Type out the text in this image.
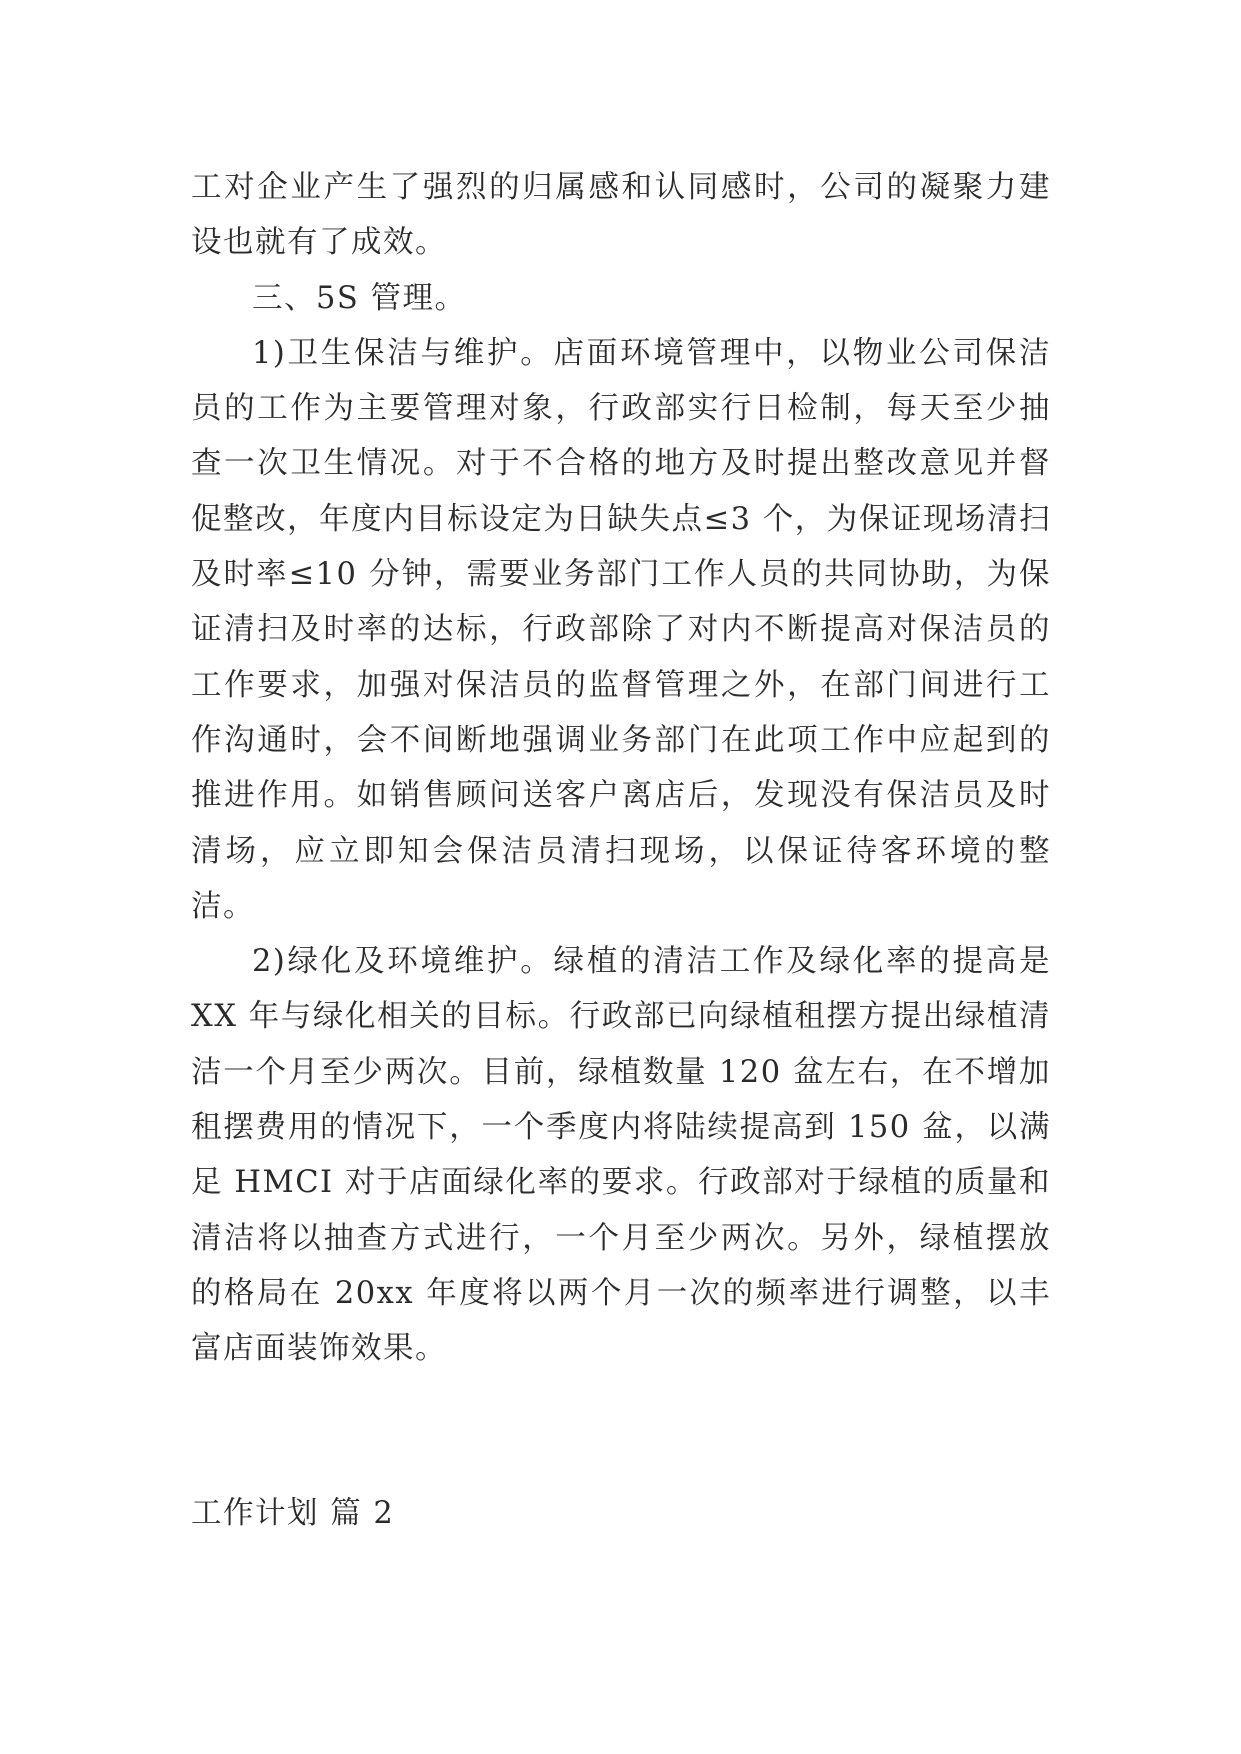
工对企业产生了强烈的归属感和认同感时，公司的凝聚力建设也就有了成效。

三、5S 管理。

1)卫生保洁与维护。店面环境管理中，以物业公司保洁员的工作为主要管理对象，行政部实行日检制，每天至少抽查一次卫生情况。对于不合格的地方及时提出整改意见并督促整改，年度内目标设定为日缺失点≤3 个，为保证现场清扫及时率≤10 分钟，需要业务部门工作人员的共同协助，为保证清扫及时率的达标，行政部除了对内不断提高对保洁员的工作要求，加强对保洁员的监督管理之外，在部门间进行工作沟通时，会不间断地强调业务部门在此项工作中应起到的推进作用。如销售顾问送客户离店后，发现没有保洁员及时清场，应立即知会保洁员清扫现场，以保证待客环境的整洁。

2)绿化及环境维护。绿植的清洁工作及绿化率的提高是XX 年与绿化相关的目标。行政部已向绿植租摆方提出绿植清洁一个月至少两次。目前，绿植数量 120 盆左右，在不增加租摆费用的情况下，一个季度内将陆续提高到 150 盆，以满足 HMCI 对于店面绿化率的要求。行政部对于绿植的质量和清洁将以抽查方式进行，一个月至少两次。另外，绿植摆放的格局在 20xx 年度将以两个月一次的频率进行调整，以丰富店面装饰效果。

工作计划 篇 2
